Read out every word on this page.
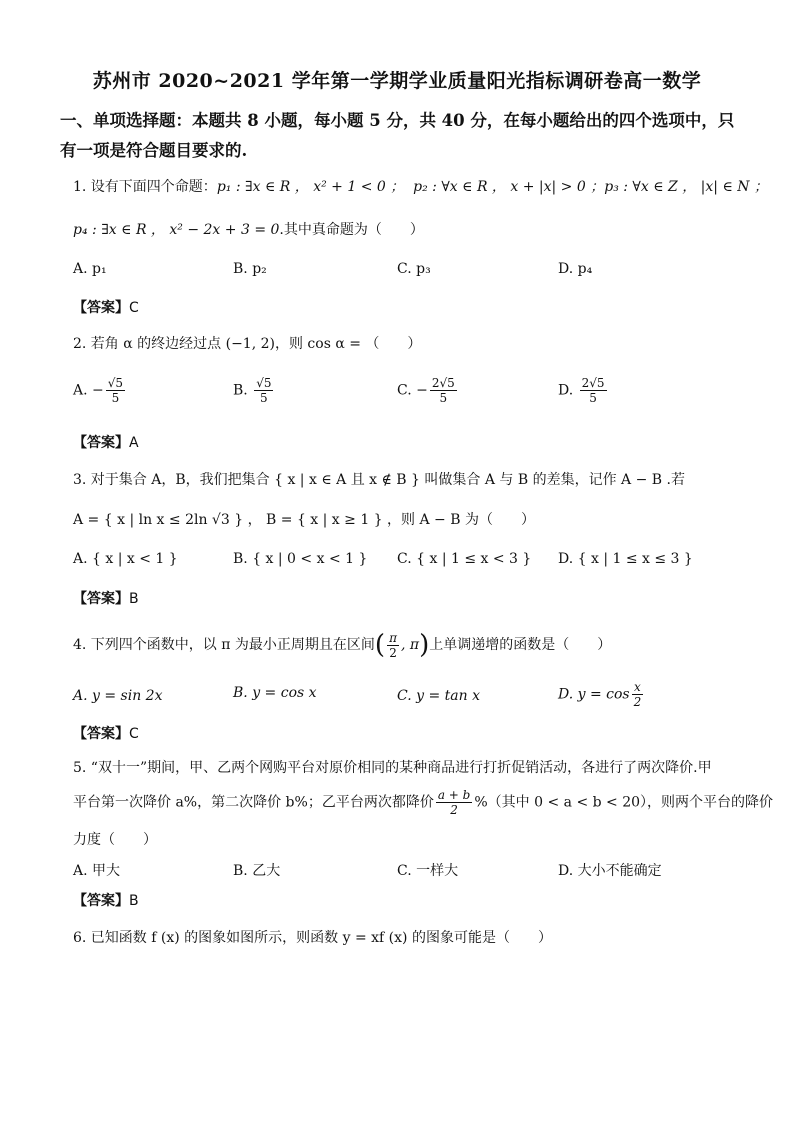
苏州市 2020~2021 学年第一学期学业质量阳光指标调研卷高一数学
一、单项选择题：本题共 8 小题，每小题 5 分，共 40 分，在每小题给出的四个选项中，只有一项是符合题目要求的.
1. 设有下面四个命题：p₁ : ∃x ∈ R ， x² + 1 < 0 ； p₂ : ∀x ∈ R ， x + |x| > 0 ；p₃ : ∀x ∈ Z ， |x| ∈ N ；
p₄ : ∃x ∈ R ， x² − 2x + 3 = 0.其中真命题为（　　）
A. p₁	B. p₂	C. p₃	D. p₄
【答案】C
2. 若角 α 的终边经过点 (−1, 2)，则 cos α = （　　）
A. − $\frac{√5}{5}$	B. $\frac{√5}{5}$	C. − $\frac{2√5}{5}$	D. $\frac{2√5}{5}$
【答案】A
3. 对于集合 A，B，我们把集合 { x | x ∈ A 且 x ∉ B } 叫做集合 A 与 B 的差集，记作 A − B .若
A = { x | ln x ≤ 2ln √3 } ， B = { x | x ≥ 1 } ，则 A − B 为（　　）
A. { x | x < 1 }	B. { x | 0 < x < 1 } C. { x | 1 ≤ x < 3 } D. { x | 1 ≤ x ≤ 3 }
【答案】B
4. 下列四个函数中，以 π 为最小正周期且在区间( $\frac{\pi}{2}$ , π)上单调递增的函数是（　　）
A. y = sin 2x	B. y = cos x	C. y = tan x	D. $y = \cos \frac{x}{2}$
【答案】C
5. “双十一”期间，甲、乙两个网购平台对原价相同的某种商品进行打折促销活动，各进行了两次降价.甲
平台第一次降价 a%，第二次降价 b%；乙平台两次都降价 $\frac{a + b}{2}$ %（其中 0 < a < b < 20），则两个平台的降价
力度（　　）
A. 甲大	B. 乙大	C. 一样大	D. 大小不能确定
【答案】B
6. 已知函数 f (x) 的图象如图所示，则函数 y = xf (x) 的图象可能是（　　）
